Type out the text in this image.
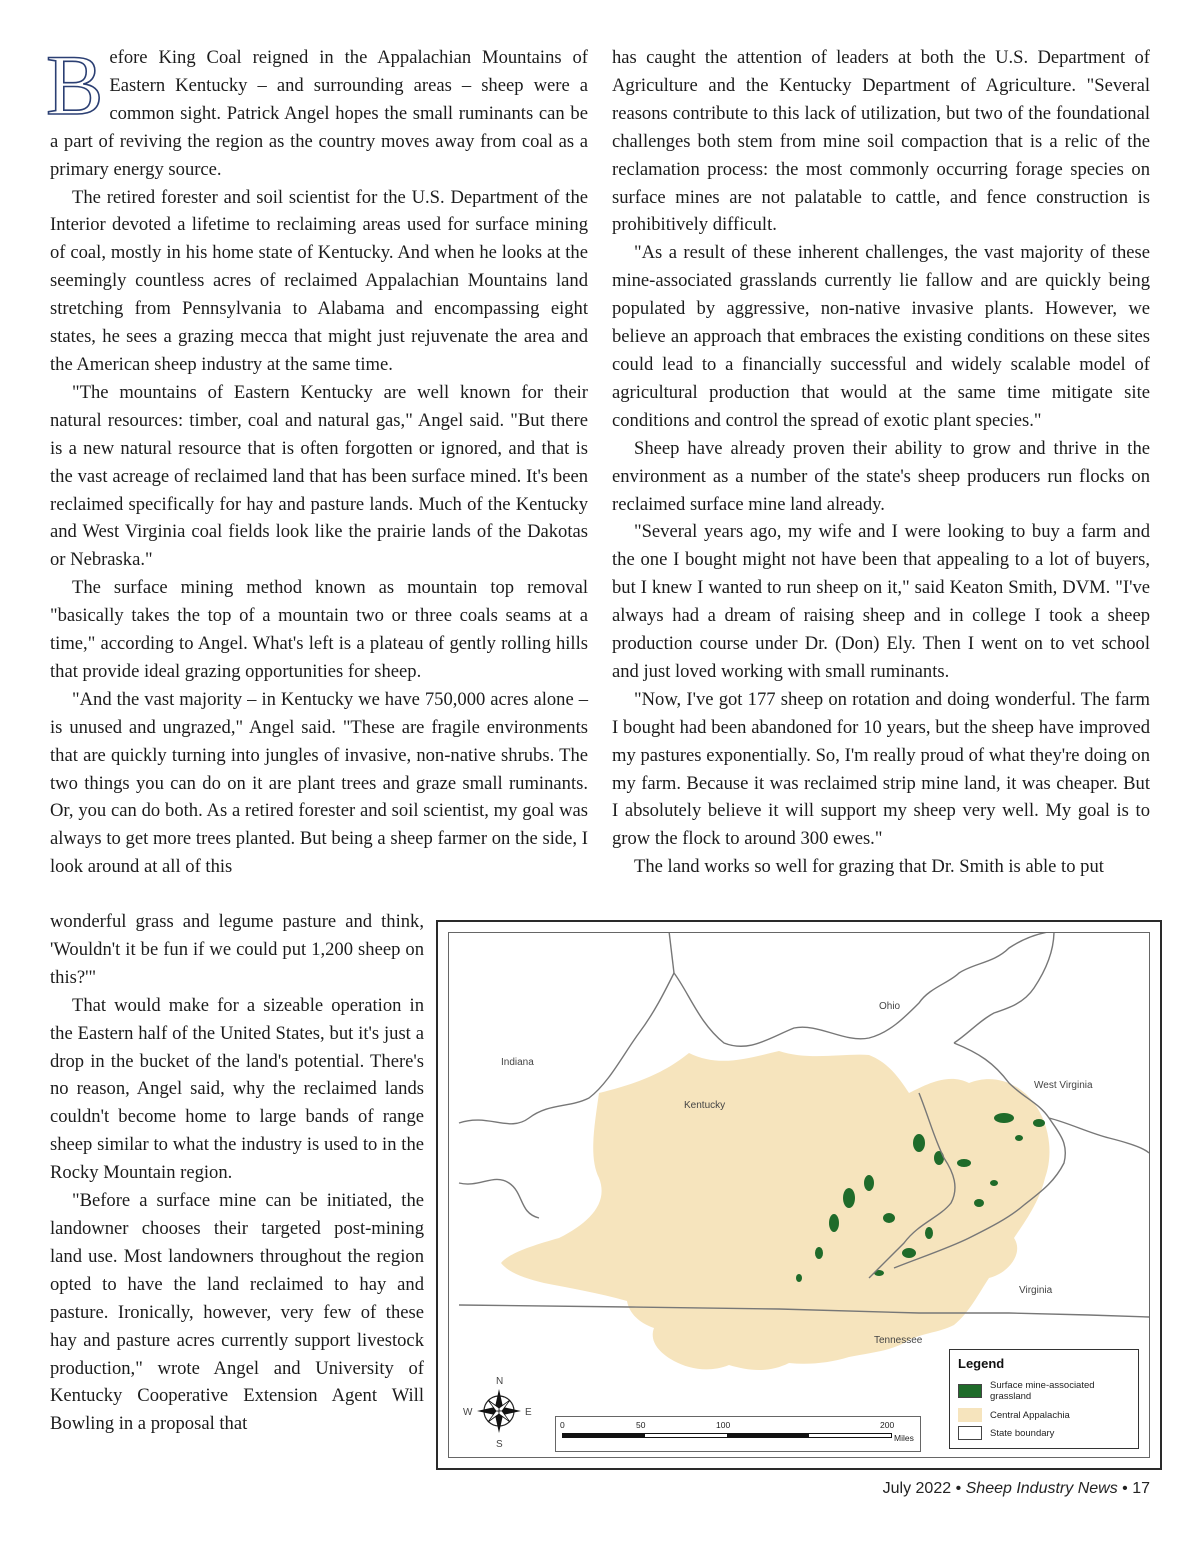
Before King Coal reigned in the Appalachian Mountains of Eastern Kentucky – and surrounding areas – sheep were a common sight. Patrick Angel hopes the small ruminants can be a part of reviving the region as the country moves away from coal as a primary energy source.

The retired forester and soil scientist for the U.S. Department of the Interior devoted a lifetime to reclaiming areas used for surface mining of coal, mostly in his home state of Kentucky. And when he looks at the seemingly countless acres of reclaimed Appalachian Mountains land stretching from Pennsylvania to Alabama and encompassing eight states, he sees a grazing mecca that might just rejuvenate the area and the American sheep industry at the same time.

"The mountains of Eastern Kentucky are well known for their natural resources: timber, coal and natural gas," Angel said. "But there is a new natural resource that is often forgotten or ignored, and that is the vast acreage of reclaimed land that has been surface mined. It's been reclaimed specifically for hay and pasture lands. Much of the Kentucky and West Virginia coal fields look like the prairie lands of the Dakotas or Nebraska."

The surface mining method known as mountain top removal "basically takes the top of a mountain two or three coals seams at a time," according to Angel. What's left is a plateau of gently rolling hills that provide ideal grazing opportunities for sheep.

"And the vast majority – in Kentucky we have 750,000 acres alone – is unused and ungrazed," Angel said. "These are fragile environments that are quickly turning into jungles of invasive, non-native shrubs. The two things you can do on it are plant trees and graze small ruminants. Or, you can do both. As a retired forester and soil scientist, my goal was always to get more trees planted. But being a sheep farmer on the side, I look around at all of this

wonderful grass and legume pasture and think, 'Wouldn't it be fun if we could put 1,200 sheep on this?'"

That would make for a sizeable operation in the Eastern half of the United States, but it's just a drop in the bucket of the land's potential. There's no reason, Angel said, why the reclaimed lands couldn't become home to large bands of range sheep similar to what the industry is used to in the Rocky Mountain region.

"Before a surface mine can be initiated, the landowner chooses their targeted post-mining land use. Most landowners throughout the region opted to have the land reclaimed to hay and pasture. Ironically, however, very few of these hay and pasture acres currently support livestock production," wrote Angel and University of Kentucky Cooperative Extension Agent Will Bowling in a proposal that

has caught the attention of leaders at both the U.S. Department of Agriculture and the Kentucky Department of Agriculture. "Several reasons contribute to this lack of utilization, but two of the foundational challenges both stem from mine soil compaction that is a relic of the reclamation process: the most commonly occurring forage species on surface mines are not palatable to cattle, and fence construction is prohibitively difficult.

"As a result of these inherent challenges, the vast majority of these mine-associated grasslands currently lie fallow and are quickly being populated by aggressive, non-native invasive plants. However, we believe an approach that embraces the existing conditions on these sites could lead to a financially successful and widely scalable model of agricultural production that would at the same time mitigate site conditions and control the spread of exotic plant species."

Sheep have already proven their ability to grow and thrive in the environment as a number of the state's sheep producers run flocks on reclaimed surface mine land already.

"Several years ago, my wife and I were looking to buy a farm and the one I bought might not have been that appealing to a lot of buyers, but I knew I wanted to run sheep on it," said Keaton Smith, DVM. "I've always had a dream of raising sheep and in college I took a sheep production course under Dr. (Don) Ely. Then I went on to vet school and just loved working with small ruminants.

"Now, I've got 177 sheep on rotation and doing wonderful. The farm I bought had been abandoned for 10 years, but the sheep have improved my pastures exponentially. So, I'm really proud of what they're doing on my farm. Because it was reclaimed strip mine land, it was cheaper. But I absolutely believe it will support my sheep very well. My goal is to grow the flock to around 300 ewes."

The land works so well for grazing that Dr. Smith is able to put

Ohio
Indiana
Kentucky
West Virginia
Virginia
Tennessee
N
S
E
W
0	50	100	200
Miles
Legend
Surface mine-associated grassland
Central Appalachia
State boundary
July 2022 • Sheep Industry News • 17
